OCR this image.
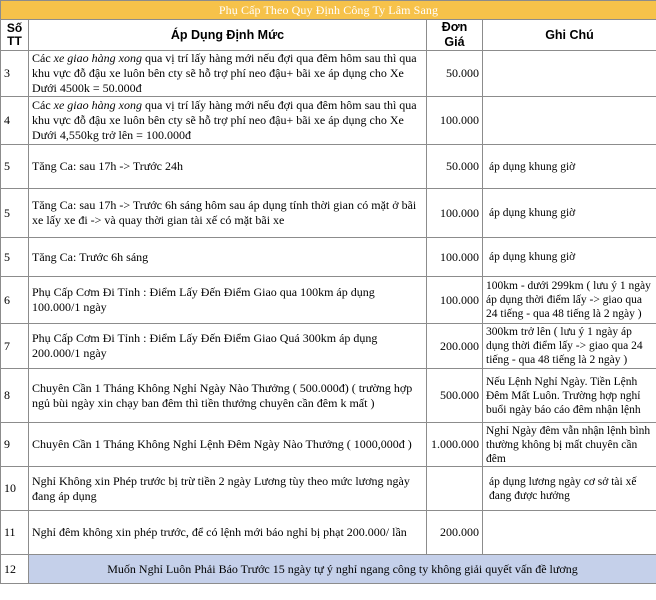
Phụ Cấp Theo Quy Định Công Ty Lâm Sang			
Số TT	Áp Dụng Định Mức	Đơn Giá	Ghi Chú
3	Các xe giao hàng xong qua vị trí lấy hàng mới nếu đợi qua đêm hôm sau thì qua khu vực đỗ đậu xe luôn bên cty sẽ hỗ trợ phí neo đậu+ bãi xe áp dụng cho Xe Dưới 4500k = 50.000đ	50.000	
4	Các xe giao hàng xong qua vị trí lấy hàng mới nếu đợi qua đêm hôm sau thì qua khu vực đỗ đậu xe luôn bên cty sẽ hỗ trợ phí neo đậu+ bãi xe áp dụng cho Xe Dưới 4,550kg trở lên = 100.000đ	100.000	
5	Tăng Ca: sau 17h -> Trước 24h	50.000	áp dụng khung giờ
5	Tăng Ca: sau 17h -> Trước 6h sáng hôm sau áp dụng tính thời gian có mặt ở bãi xe lấy xe đi -> và quay thời gian tài xế có mặt bãi xe	100.000	áp dụng khung giờ
5	Tăng Ca: Trước 6h sáng	100.000	áp dụng khung giờ
6	Phụ Cấp Cơm Đi Tỉnh : Điểm Lấy Đến Điểm Giao qua 100km áp dụng 100.000/1 ngày	100.000	100km - dưới 299km ( lưu ý 1 ngày áp dụng thời điểm lấy -> giao qua 24 tiếng - qua 48 tiếng là 2 ngày )
7	Phụ Cấp Cơm Đi Tỉnh : Điểm Lấy Đến Điểm Giao Quá 300km áp dụng 200.000/1 ngày	200.000	300km trở lên ( lưu ý 1 ngày áp dụng thời điểm lấy -> giao qua 24 tiếng - qua 48 tiếng là 2 ngày )
8	Chuyên Cần 1 Tháng Không Nghỉ Ngày Nào Thưởng ( 500.000đ) ( trường hợp ngủ bùi ngày xin chạy ban đêm thì tiền thưởng chuyên cần đêm k mất )	500.000	Nếu Lệnh Nghỉ Ngày. Tiền Lệnh Đêm Mất Luôn. Trường hợp nghỉ buổi ngày báo cáo đêm nhận lệnh
9	Chuyên Cần 1 Tháng Không Nghỉ Lệnh Đêm Ngày Nào Thưởng ( 1000,000đ )	1.000.000	Nghỉ Ngày đêm vẫn nhận lệnh bình thường không bị mất chuyên cần đêm
10	Nghỉ Không xin Phép trước bị trừ tiền 2 ngày Lương tùy theo mức lương ngày đang áp dụng		áp dụng lương ngày cơ sở tài xế đang được hưởng
11	Nghỉ đêm không xin phép trước, để có lệnh mới báo nghỉ bị phạt 200.000/ lần	200.000	
12	Muốn Nghỉ Luôn Phải Báo Trước 15 ngày tự ý nghỉ ngang công ty không giải quyết vấn đề lương		
